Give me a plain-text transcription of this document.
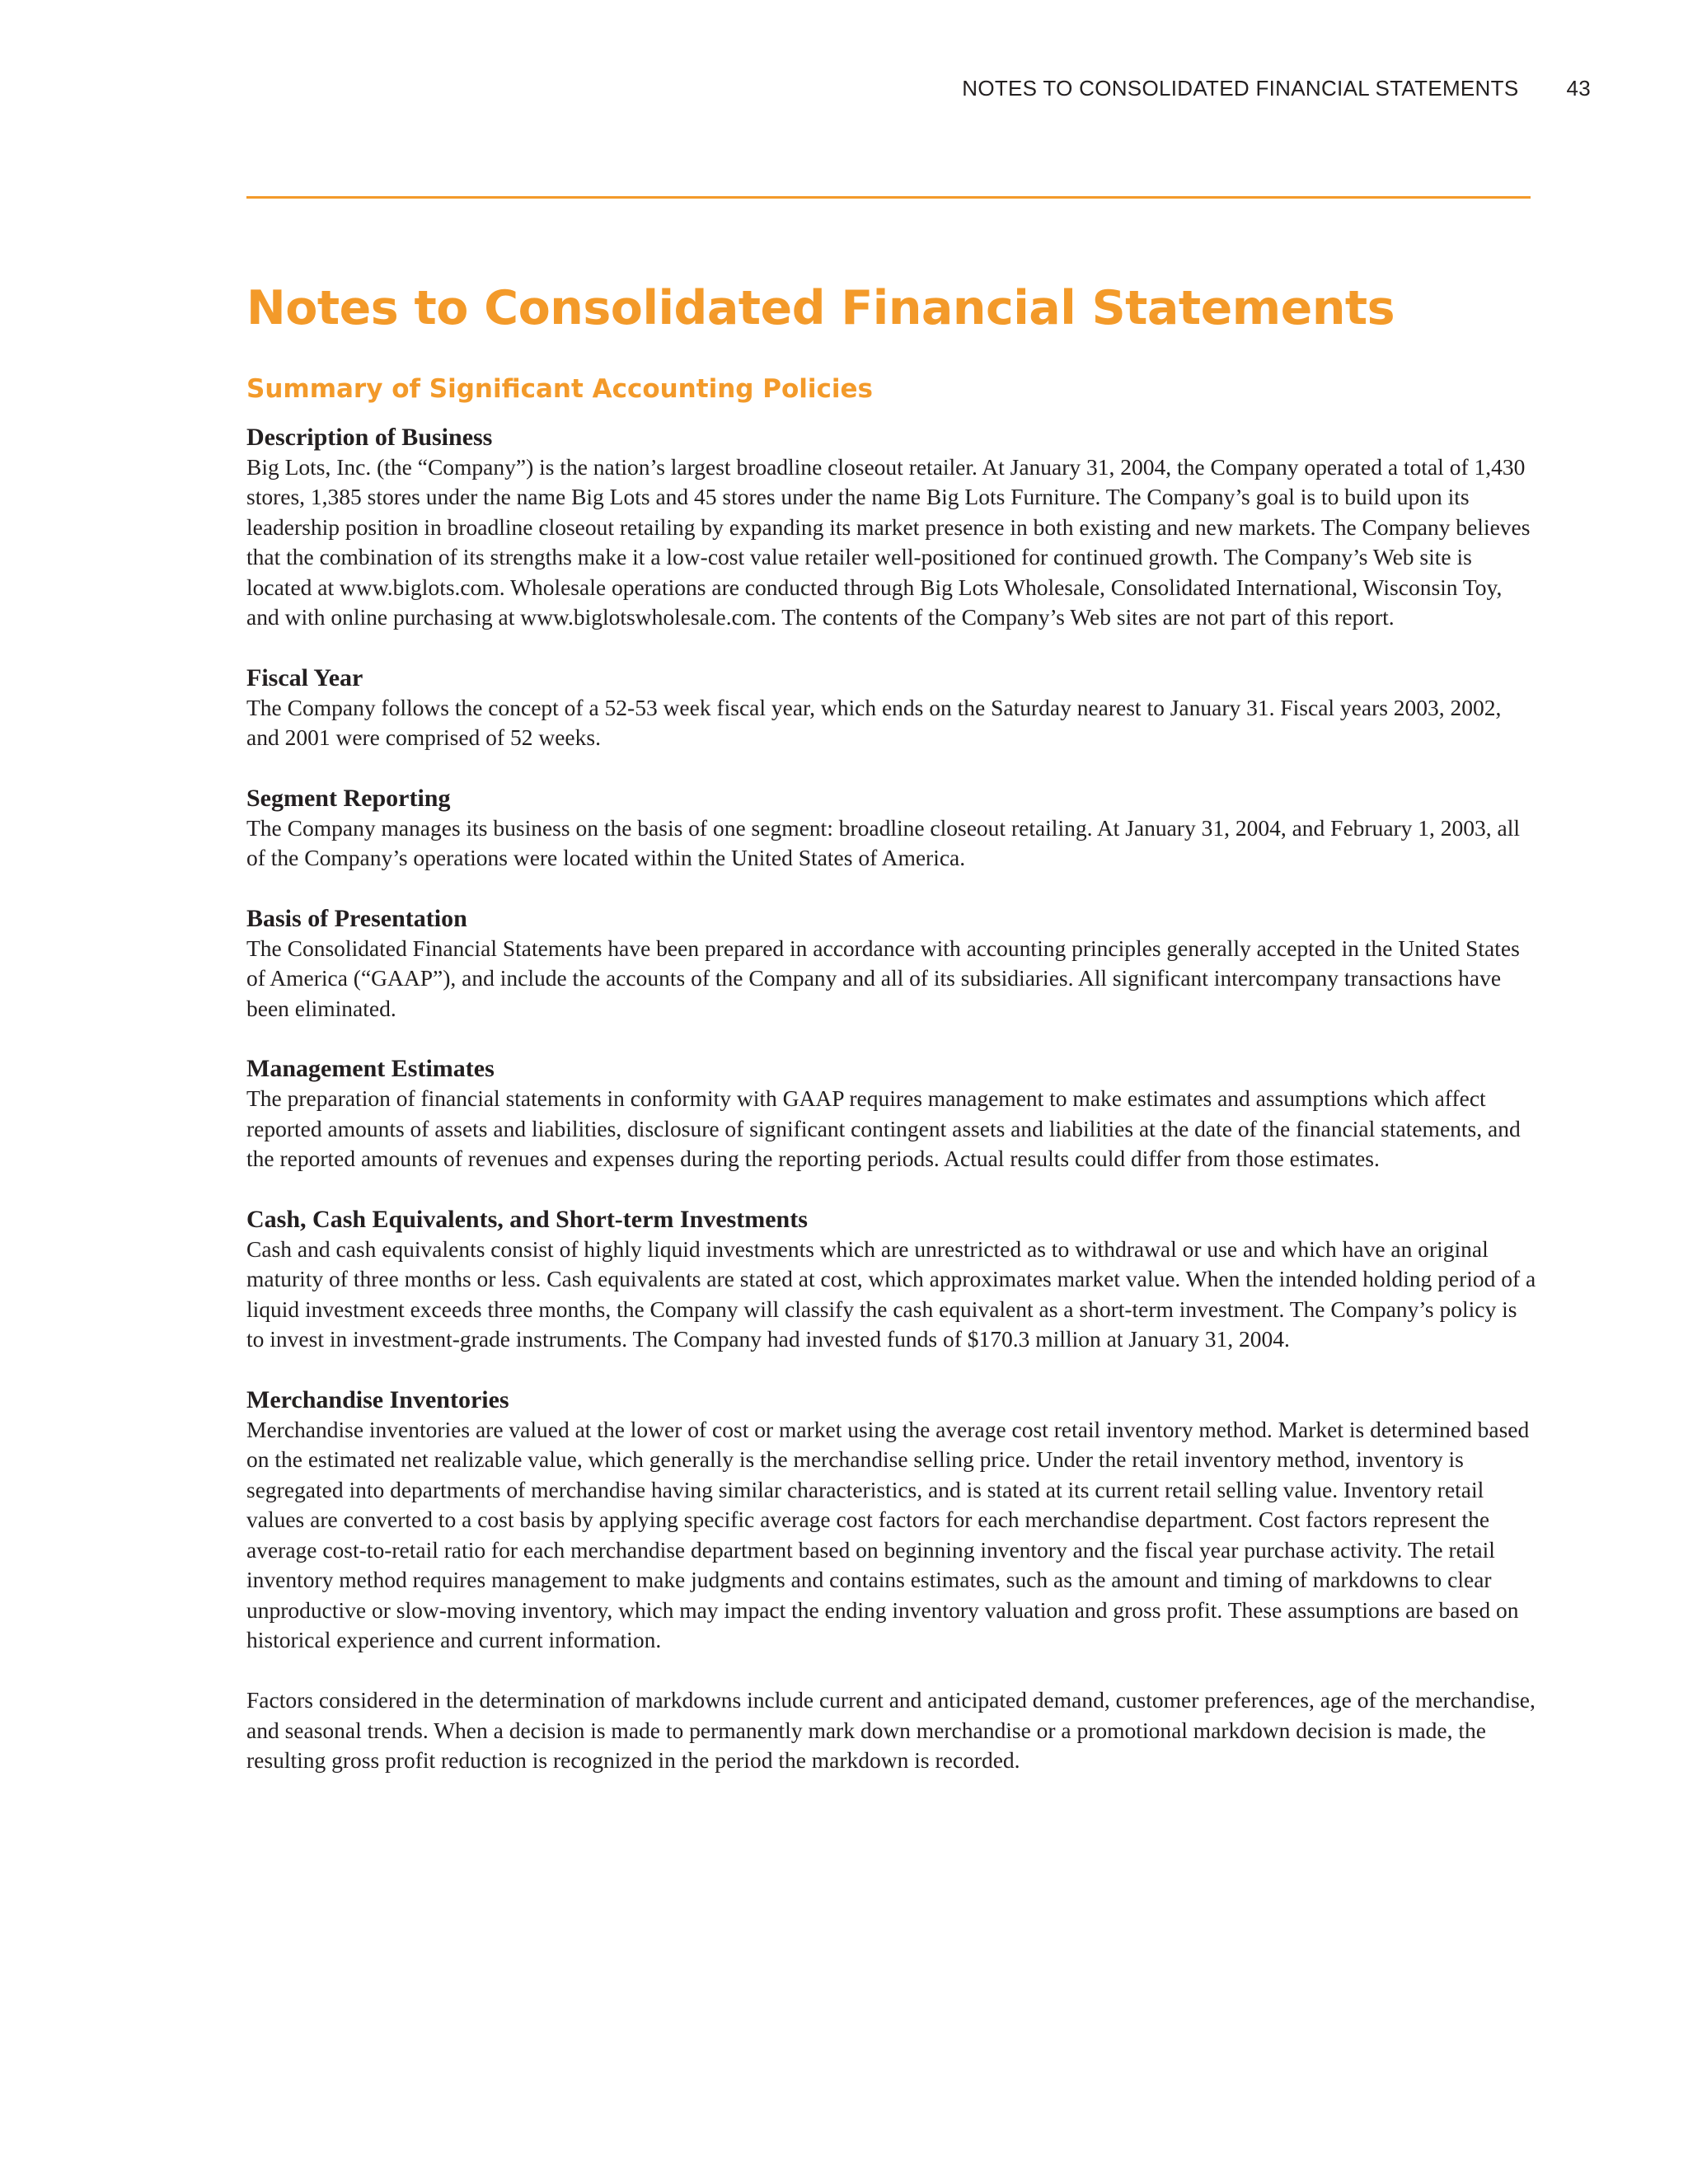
NOTES TO CONSOLIDATED FINANCIAL STATEMENTS 43
Notes to Consolidated Financial Statements
Summary of Significant Accounting Policies
Description of Business

Big Lots, Inc. (the “Company”) is the nation’s largest broadline closeout retailer. At January 31, 2004, the Company operated a total of 1,430 stores, 1,385 stores under the name Big Lots and 45 stores under the name Big Lots Furniture. The Company’s goal is to build upon its leadership position in broadline closeout retailing by expanding its market presence in both existing and new markets. The Company believes that the combination of its strengths make it a low-cost value retailer well-positioned for continued growth. The Company’s Web site is located at www.biglots.com. Wholesale operations are conducted through Big Lots Wholesale, Consolidated International, Wisconsin Toy, and with online purchasing at www.biglotswholesale.com. The contents of the Company’s Web sites are not part of this report.

Fiscal Year

The Company follows the concept of a 52-53 week fiscal year, which ends on the Saturday nearest to January 31. Fiscal years 2003, 2002, and 2001 were comprised of 52 weeks.

Segment Reporting

The Company manages its business on the basis of one segment: broadline closeout retailing. At January 31, 2004, and February 1, 2003, all of the Company’s operations were located within the United States of America.

Basis of Presentation

The Consolidated Financial Statements have been prepared in accordance with accounting principles generally accepted in the United States of America (“GAAP”), and include the accounts of the Company and all of its subsidiaries. All significant intercompany transactions have been eliminated.

Management Estimates

The preparation of financial statements in conformity with GAAP requires management to make estimates and assumptions which affect reported amounts of assets and liabilities, disclosure of significant contingent assets and liabilities at the date of the financial statements, and the reported amounts of revenues and expenses during the reporting periods. Actual results could differ from those estimates.

Cash, Cash Equivalents, and Short-term Investments

Cash and cash equivalents consist of highly liquid investments which are unrestricted as to withdrawal or use and which have an original maturity of three months or less. Cash equivalents are stated at cost, which approximates market value. When the intended holding period of a liquid investment exceeds three months, the Company will classify the cash equivalent as a short-term investment. The Company’s policy is to invest in investment-grade instruments. The Company had invested funds of $170.3 million at January 31, 2004.

Merchandise Inventories

Merchandise inventories are valued at the lower of cost or market using the average cost retail inventory method. Market is determined based on the estimated net realizable value, which generally is the merchandise selling price. Under the retail inventory method, inventory is segregated into departments of merchandise having similar characteristics, and is stated at its current retail selling value. Inventory retail values are converted to a cost basis by applying specific average cost factors for each merchandise department. Cost factors represent the average cost-to-retail ratio for each merchandise department based on beginning inventory and the fiscal year purchase activity. The retail inventory method requires management to make judgments and contains estimates, such as the amount and timing of markdowns to clear unproductive or slow-moving inventory, which may impact the ending inventory valuation and gross profit. These assumptions are based on historical experience and current information.

Factors considered in the determination of markdowns include current and anticipated demand, customer preferences, age of the merchandise, and seasonal trends. When a decision is made to permanently mark down merchandise or a promotional markdown decision is made, the resulting gross profit reduction is recognized in the period the markdown is recorded.
